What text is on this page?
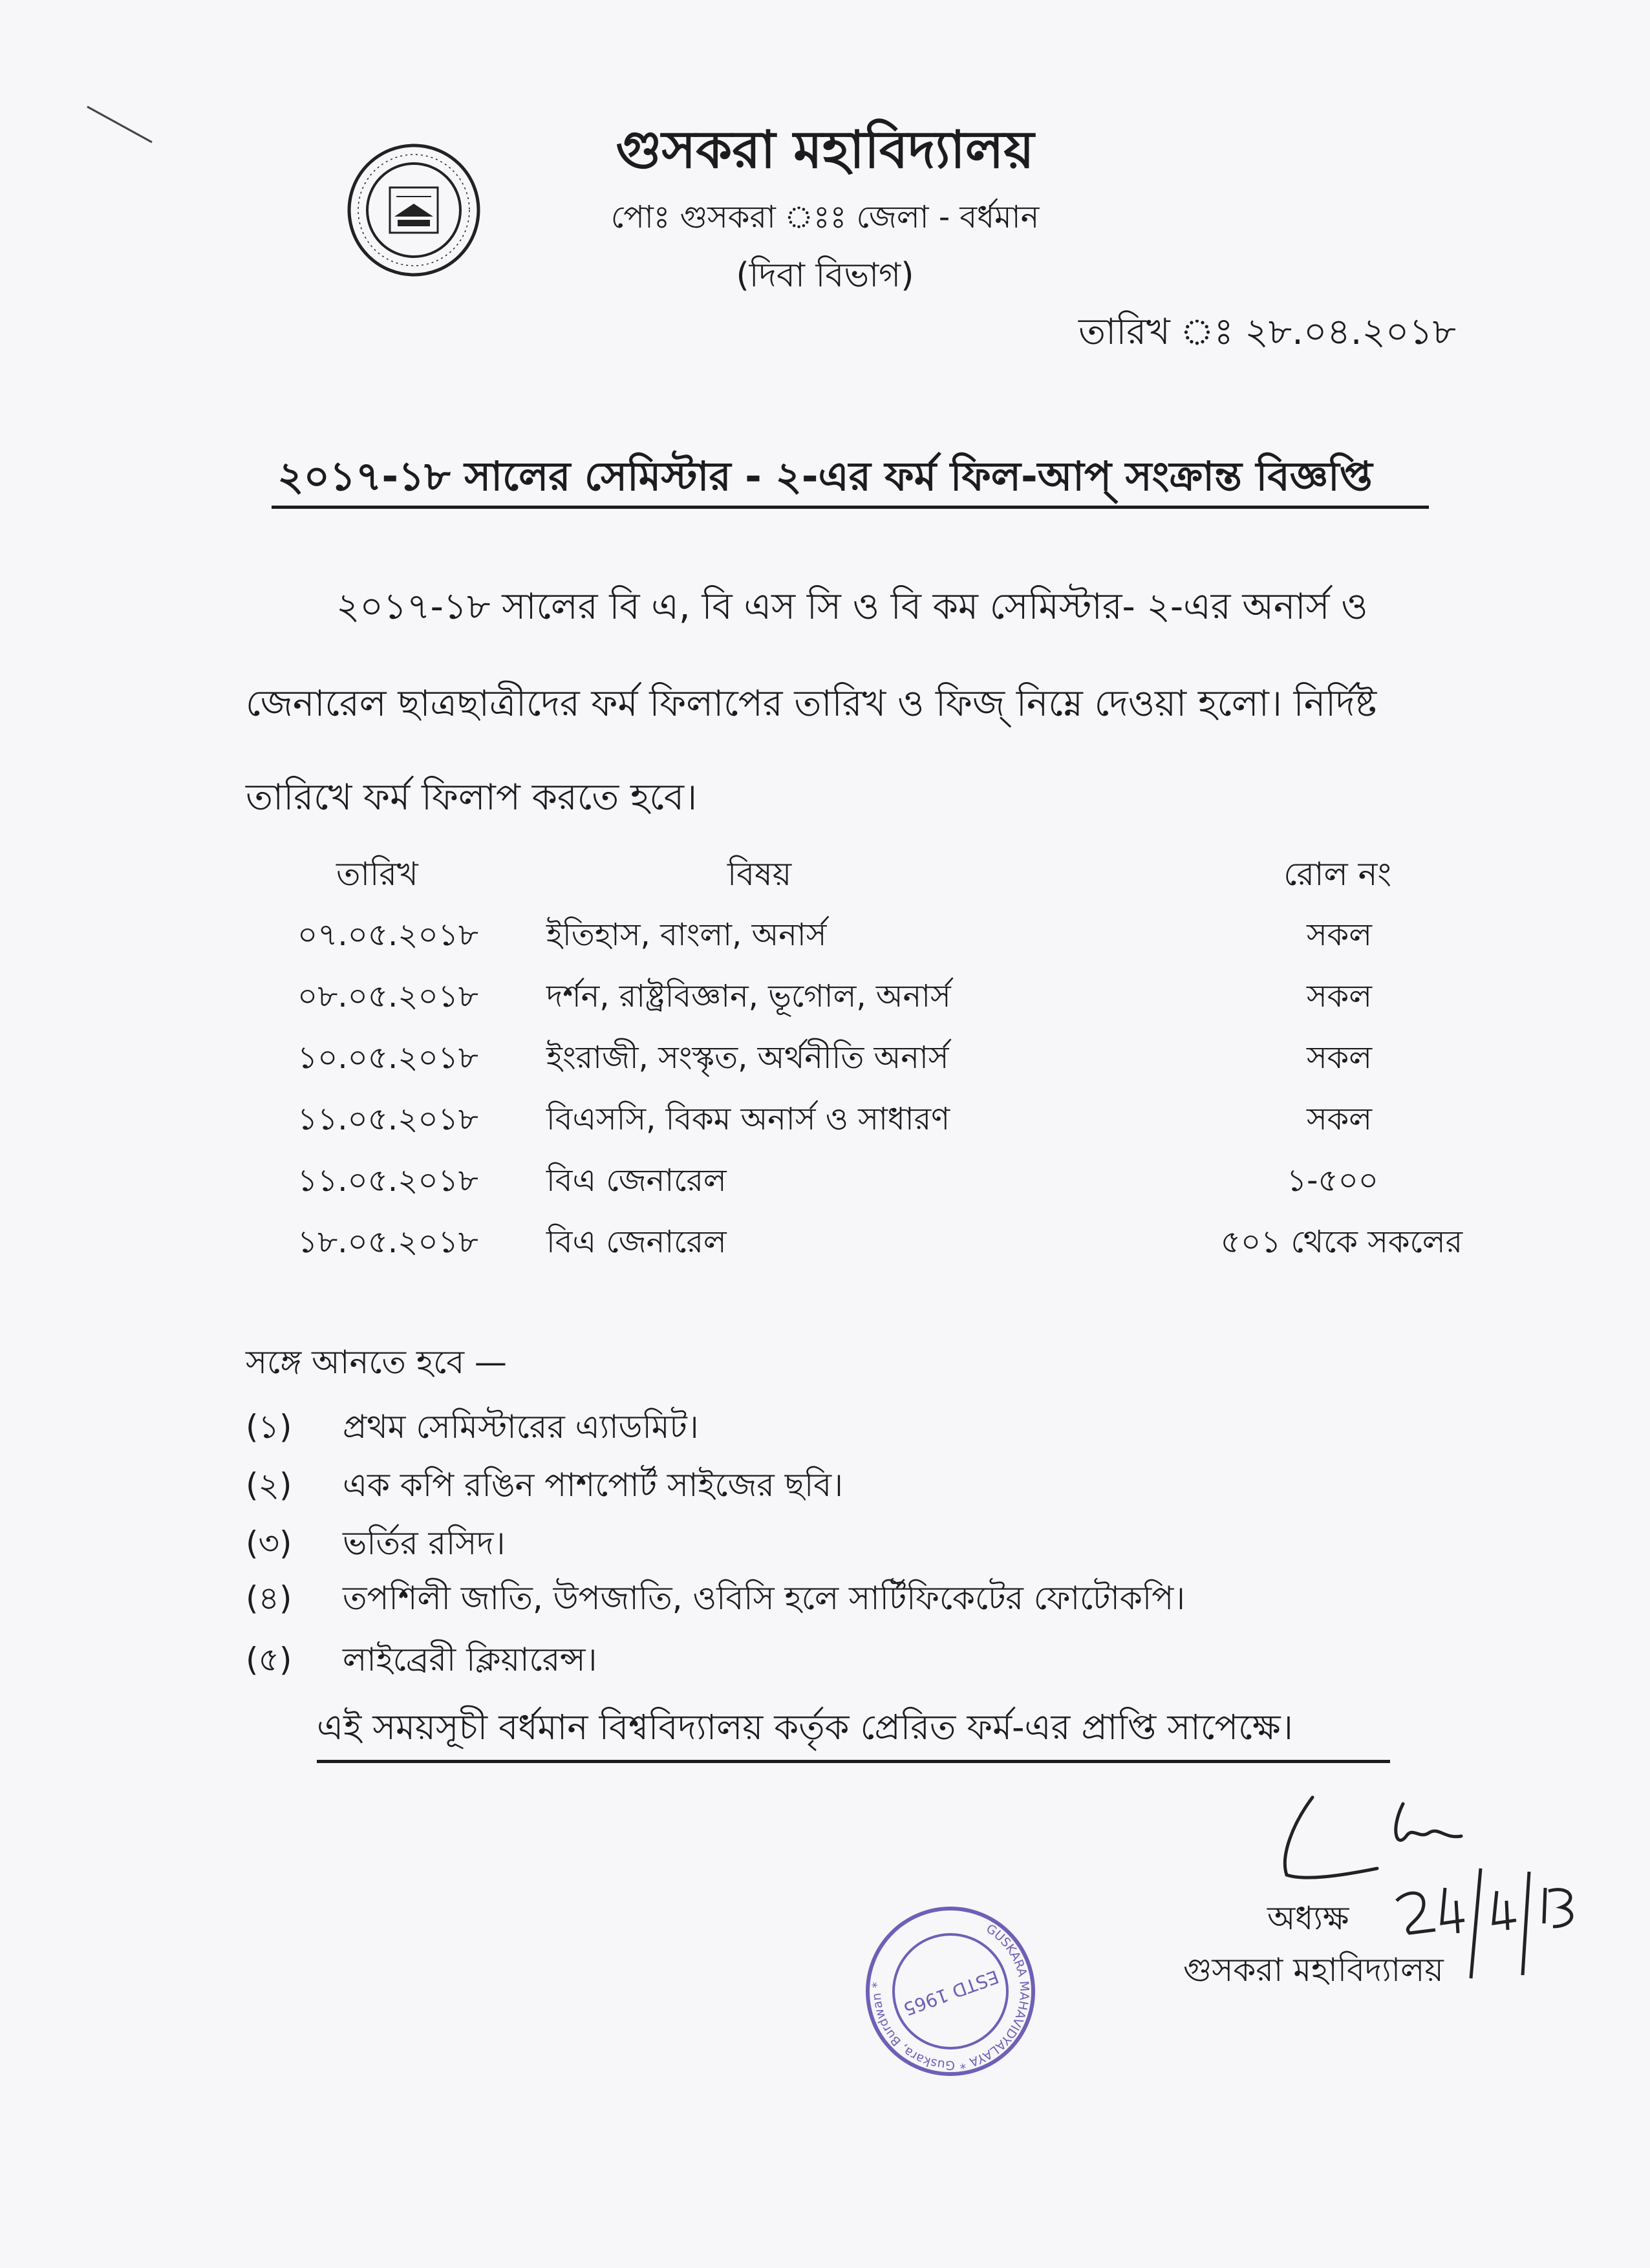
গুসকরা মহাবিদ্যালয়
পোঃ গুসকরা ঃঃ জেলা - বর্ধমান
(দিবা বিভাগ)
তারিখ ঃ ২৮.০৪.২০১৮
২০১৭-১৮ সালের সেমিস্টার - ২-এর ফর্ম ফিল-আপ্ সংক্রান্ত বিজ্ঞপ্তি
২০১৭-১৮ সালের বি এ, বি এস সি ও বি কম সেমিস্টার- ২-এর অনার্স ও
জেনারেল ছাত্রছাত্রীদের ফর্ম ফিলাপের তারিখ ও ফিজ্ নিম্নে দেওয়া হলো। নির্দিষ্ট
তারিখে ফর্ম ফিলাপ করতে হবে।
তারিখ	বিষয়	রোল নং
০৭.০৫.২০১৮ ইতিহাস, বাংলা, অনার্স	সকল
০৮.০৫.২০১৮ দর্শন, রাষ্ট্রবিজ্ঞান, ভূগোল, অনার্স	সকল
১০.০৫.২০১৮ ইংরাজী, সংস্কৃত, অর্থনীতি অনার্স	সকল
১১.০৫.২০১৮ বিএসসি, বিকম অনার্স ও সাধারণ	সকল
১১.০৫.২০১৮ বিএ জেনারেল	১-৫০০
১৮.০৫.২০১৮ বিএ জেনারেল	৫০১ থেকে সকলের
সঙ্গে আনতে হবে —
(১) প্রথম সেমিস্টারের এ্যাডমিট।
(২) এক কপি রঙিন পাশপোর্ট সাইজের ছবি।
(৩) ভর্তির রসিদ।
(৪) তপশিলী জাতি, উপজাতি, ওবিসি হলে সার্টিফিকেটের ফোটোকপি।
(৫) লাইব্রেরী ক্লিয়ারেন্স।
এই সময়সূচী বর্ধমান বিশ্ববিদ্যালয় কর্তৃক প্রেরিত ফর্ম-এর প্রাপ্তি সাপেক্ষে।
অধ্যক্ষ
গুসকরা মহাবিদ্যালয়
ESTD 1965
GUSKARA MAHAVIDYALAYA * Guskara, Burdwan *
